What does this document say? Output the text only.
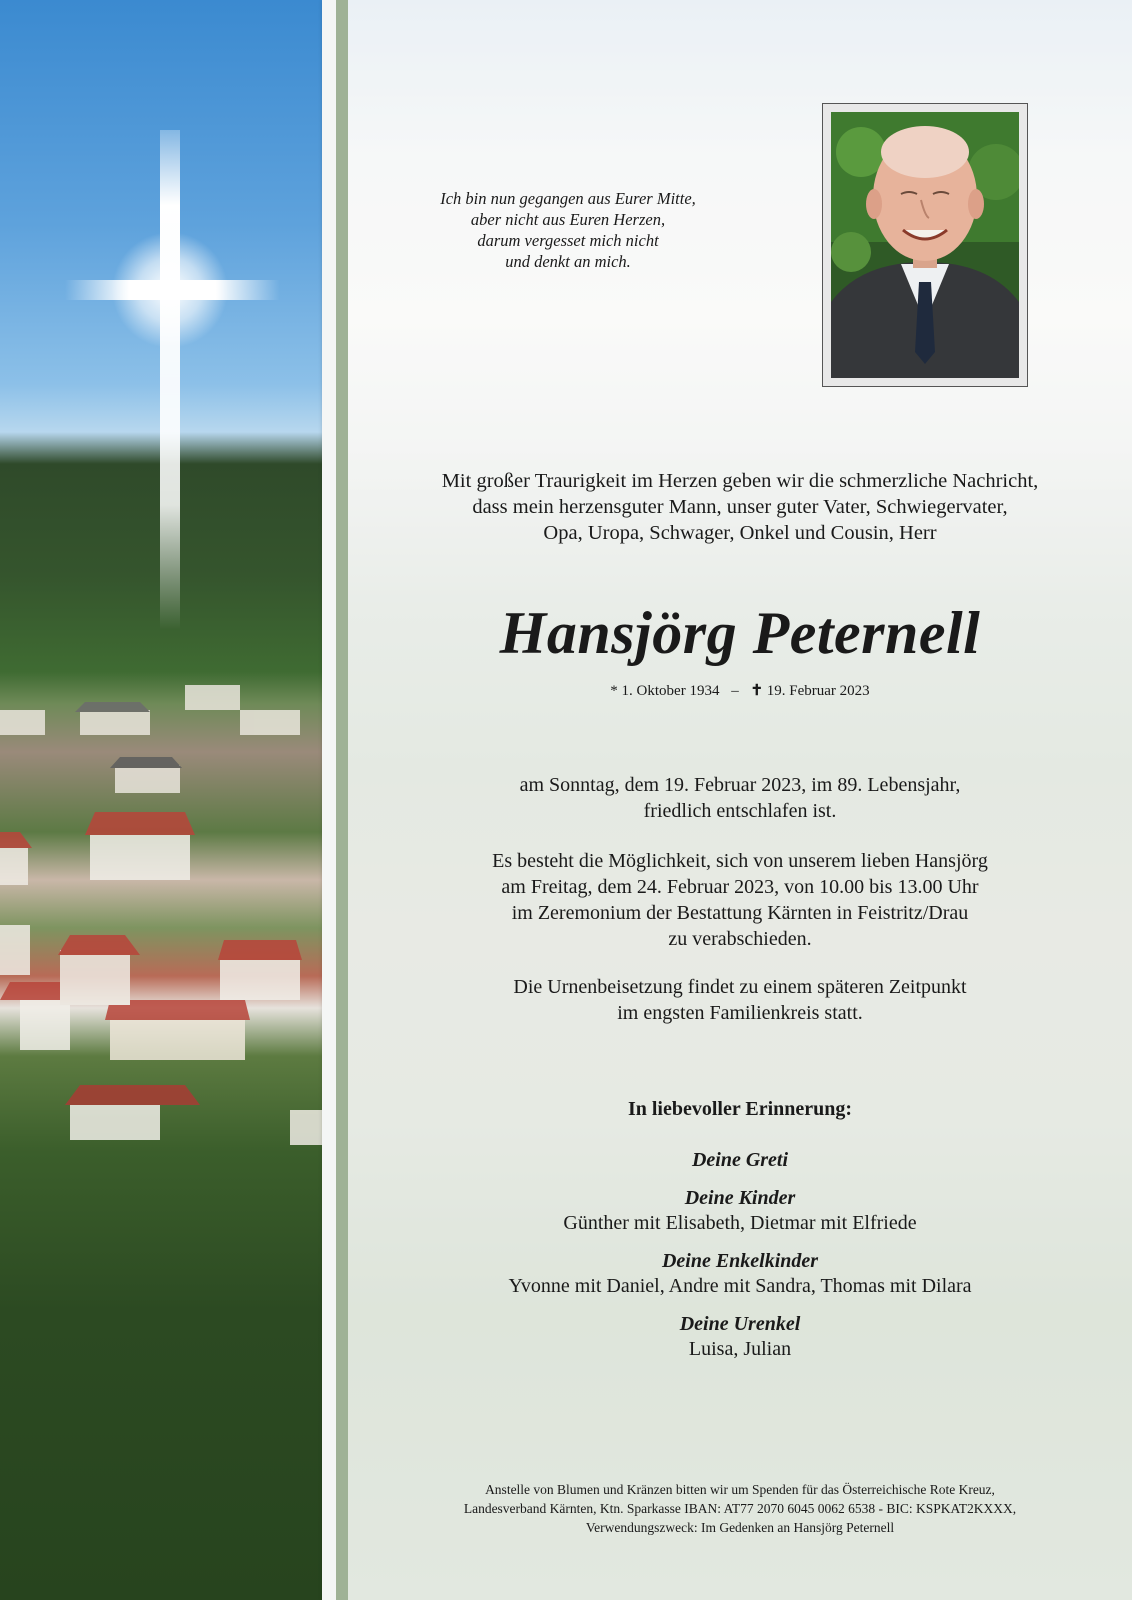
Ich bin nun gegangen aus Eurer Mitte,
aber nicht aus Euren Herzen,
darum vergesset mich nicht
und denkt an mich.
Mit großer Traurigkeit im Herzen geben wir die schmerzliche Nachricht,
dass mein herzensguter Mann, unser guter Vater, Schwiegervater,
Opa, Uropa, Schwager, Onkel und Cousin, Herr
Hansjörg Peternell
* 1. Oktober 1934 – ✝ 19. Februar 2023
am Sonntag, dem 19. Februar 2023, im 89. Lebensjahr,
friedlich entschlafen ist.
Es besteht die Möglichkeit, sich von unserem lieben Hansjörg
am Freitag, dem 24. Februar 2023, von 10.00 bis 13.00 Uhr
im Zeremonium der Bestattung Kärnten in Feistritz/Drau
zu verabschieden.
Die Urnenbeisetzung findet zu einem späteren Zeitpunkt
im engsten Familienkreis statt.
In liebevoller Erinnerung:
Deine Greti
Deine Kinder
Günther mit Elisabeth, Dietmar mit Elfriede
Deine Enkelkinder
Yvonne mit Daniel, Andre mit Sandra, Thomas mit Dilara
Deine Urenkel
Luisa, Julian
Anstelle von Blumen und Kränzen bitten wir um Spenden für das Österreichische Rote Kreuz,
Landesverband Kärnten, Ktn. Sparkasse IBAN: AT77 2070 6045 0062 6538 - BIC: KSPKAT2KXXX,
Verwendungszweck: Im Gedenken an Hansjörg Peternell
